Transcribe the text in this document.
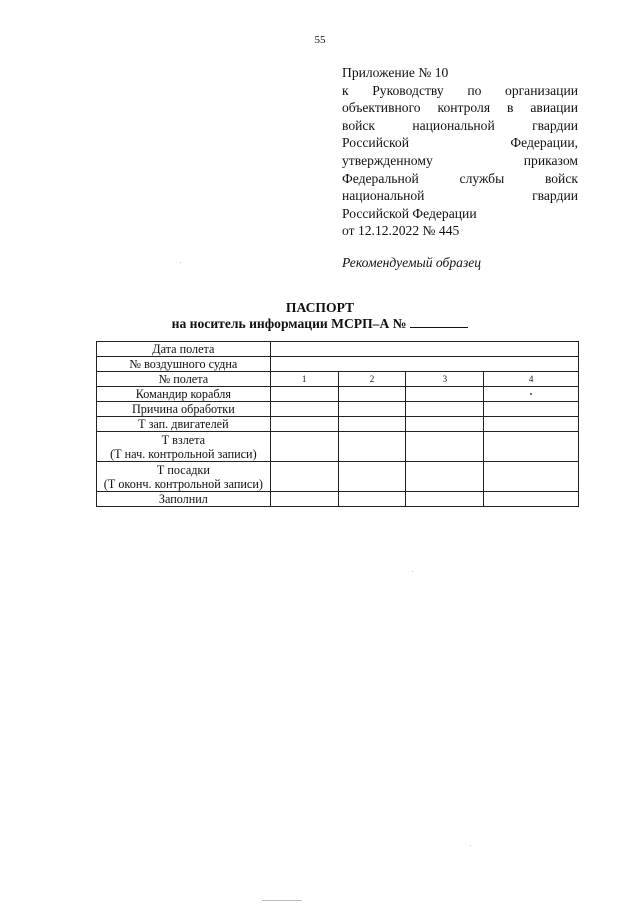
55
Приложение № 10
к Руководству по организации
объективного контроля в авиации
войск	национальной	гвардии
Российской	Федерации,
утвержденному	приказом
Федеральной	службы	войск
национальной	гвардии
Российской Федерации
от 12.12.2022 № 445
Рекомендуемый образец
ПАСПОРТ
на носитель информации МСРП–А №
Дата полета				
№ воздушного судна				
№ полета	1	2	3	4
Командир корабля				
Причина обработки				
Т зап. двигателей				

Т взлета
(Т нач. контрольной записи)				

Т посадки
(Т оконч. контрольной записи)				

Заполнил				
